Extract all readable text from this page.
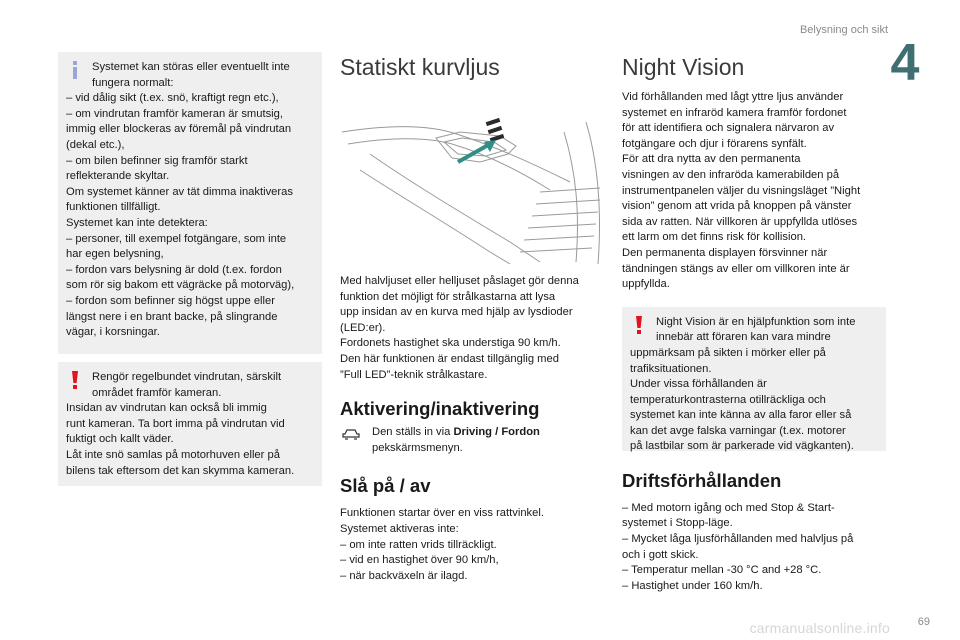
Belysning och sikt
4
Systemet kan störas eller eventuellt inte
fungera normalt:
– vid dålig sikt (t.ex. snö, kraftigt regn etc.),
– om vindrutan framför kameran är smutsig,
immig eller blockeras av föremål på vindrutan
(dekal etc.),
– om bilen befinner sig framför starkt
reflekterande skyltar.
Om systemet känner av tät dimma inaktiveras
funktionen tillfälligt.
Systemet kan inte detektera:
– personer, till exempel fotgängare, som inte
har egen belysning,
– fordon vars belysning är dold (t.ex. fordon
som rör sig bakom ett vägräcke på motorväg),
– fordon som befinner sig högst uppe eller
längst nere i en brant backe, på slingrande
vägar, i korsningar.
Rengör regelbundet vindrutan, särskilt
området framför kameran.
Insidan av vindrutan kan också bli immig
runt kameran. Ta bort imma på vindrutan vid
fuktigt och kallt väder.
Låt inte snö samlas på motorhuven eller på
bilens tak eftersom det kan skymma kameran.
Statiskt kurvljus

Med halvljuset eller helljuset påslaget gör denna
funktion det möjligt för strålkastarna att lysa
upp insidan av en kurva med hjälp av lysdioder
(LED:er).
Fordonets hastighet ska understiga 90 km/h.
Den här funktionen är endast tillgänglig med
”Full LED”-teknik strålkastare.

Aktivering/inaktivering
Den ställs in via Driving / Fordon
pekskärmsmenyn.
Slå på / av

Funktionen startar över en viss rattvinkel.
Systemet aktiveras inte:
– om inte ratten vrids tillräckligt.
– vid en hastighet över 90 km/h,
– när backväxeln är ilagd.

Night Vision

Vid förhållanden med lågt yttre ljus använder
systemet en infraröd kamera framför fordonet
för att identifiera och signalera närvaron av
fotgängare och djur i förarens synfält.
För att dra nytta av den permanenta
visningen av den infraröda kamerabilden på
instrumentpanelen väljer du visningsläget ”Night
vision” genom att vrida på knoppen på vänster
sida av ratten. När villkoren är uppfyllda utlöses
ett larm om det finns risk för kollision.
Den permanenta displayen försvinner när
tändningen stängs av eller om villkoren inte är
uppfyllda.

Night Vision är en hjälpfunktion som inte
innebär att föraren kan vara mindre
uppmärksam på sikten i mörker eller på
trafiksituationen.
Under vissa förhållanden är
temperaturkontrasterna otillräckliga och
systemet kan inte känna av alla faror eller så
kan det avge falska varningar (t.ex. motorer
på lastbilar som är parkerade vid vägkanten).
Driftsförhållanden

– Med motorn igång och med Stop & Start-
systemet i Stopp-läge.
– Mycket låga ljusförhållanden med halvljus på
och i gott skick.
– Temperatur mellan -30 °C and +28 °C.
– Hastighet under 160 km/h.

69
carmanualsonline.info
